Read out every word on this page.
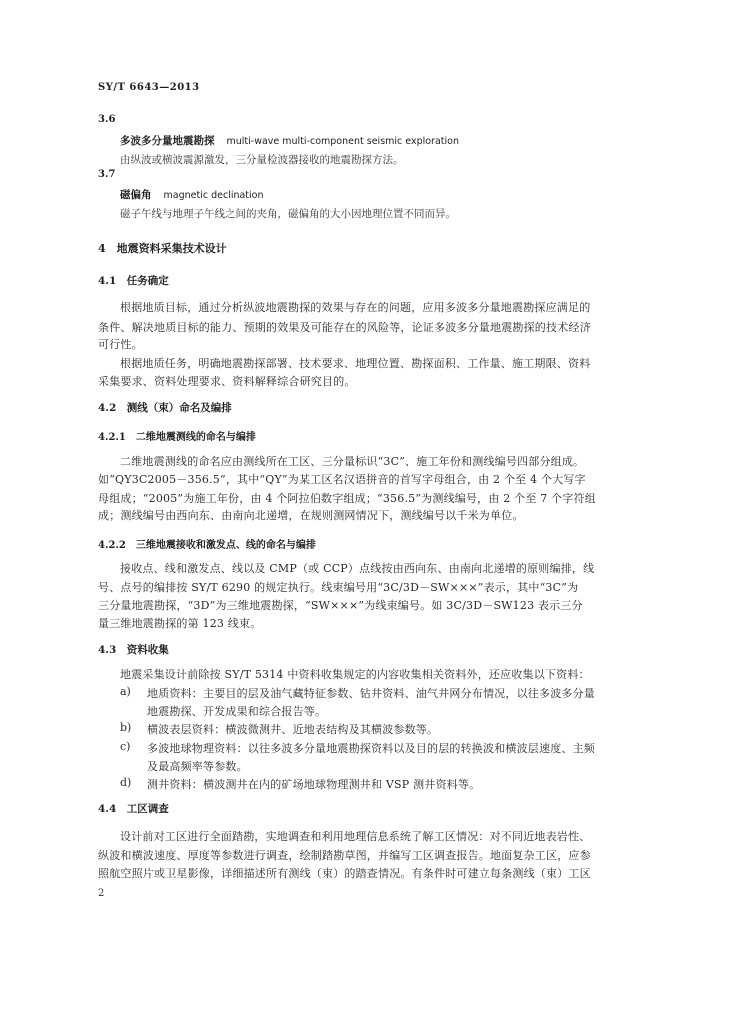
SY/T 6643—2013
3.6
多波多分量地震勘探 multi-wave multi-component seismic exploration
由纵波或横波震源激发，三分量检波器接收的地震勘探方法。
3.7
磁偏角 magnetic declination
磁子午线与地理子午线之间的夹角，磁偏角的大小因地理位置不同而异。
4　地震资料采集技术设计
4.1　任务确定
根据地质目标，通过分析纵波地震勘探的效果与存在的问题，应用多波多分量地震勘探应满足的
条件、解决地质目标的能力、预期的效果及可能存在的风险等，论证多波多分量地震勘探的技术经济
可行性。
根据地质任务，明确地震勘探部署、技术要求、地理位置、勘探面积、工作量、施工期限、资料
采集要求、资料处理要求、资料解释综合研究目的。
4.2　测线（束）命名及编排
4.2.1　二维地震测线的命名与编排
二维地震测线的命名应由测线所在工区、三分量标识“3C”、施工年份和测线编号四部分组成。
如“QY3C2005－356.5”，其中“QY”为某工区名汉语拼音的首写字母组合，由 2 个至 4 个大写字
母组成；“2005”为施工年份，由 4 个阿拉伯数字组成；“356.5”为测线编号，由 2 个至 7 个字符组
成；测线编号由西向东、由南向北递增，在规则测网情况下，测线编号以千米为单位。
4.2.2　三维地震接收和激发点、线的命名与编排
接收点、线和激发点、线以及 CMP（或 CCP）点线按由西向东、由南向北递增的原则编排，线
号、点号的编排按 SY/T 6290 的规定执行。线束编号用“3C/3D－SW×××”表示，其中“3C”为
三分量地震勘探，“3D”为三维地震勘探，“SW×××”为线束编号。如 3C/3D－SW123 表示三分
量三维地震勘探的第 123 线束。
4.3　资料收集
地震采集设计前除按 SY/T 5314 中资料收集规定的内容收集相关资料外，还应收集以下资料：
a) 地质资料：主要目的层及油气藏特征参数、钻井资料、油气井网分布情况，以往多波多分量
地震勘探、开发成果和综合报告等。
b) 横波表层资料：横波微测井、近地表结构及其横波参数等。
c) 多波地球物理资料：以往多波多分量地震勘探资料以及目的层的转换波和横波层速度、主频
及最高频率等参数。
d) 测井资料：横波测井在内的矿场地球物理测井和 VSP 测井资料等。
4.4　工区调查
设计前对工区进行全面踏勘，实地调查和利用地理信息系统了解工区情况：对不同近地表岩性、
纵波和横波速度、厚度等参数进行调查，绘制踏勘草图，并编写工区调查报告。地面复杂工区，应参
照航空照片或卫星影像，详细描述所有测线（束）的踏查情况。有条件时可建立每条测线（束）工区
2
